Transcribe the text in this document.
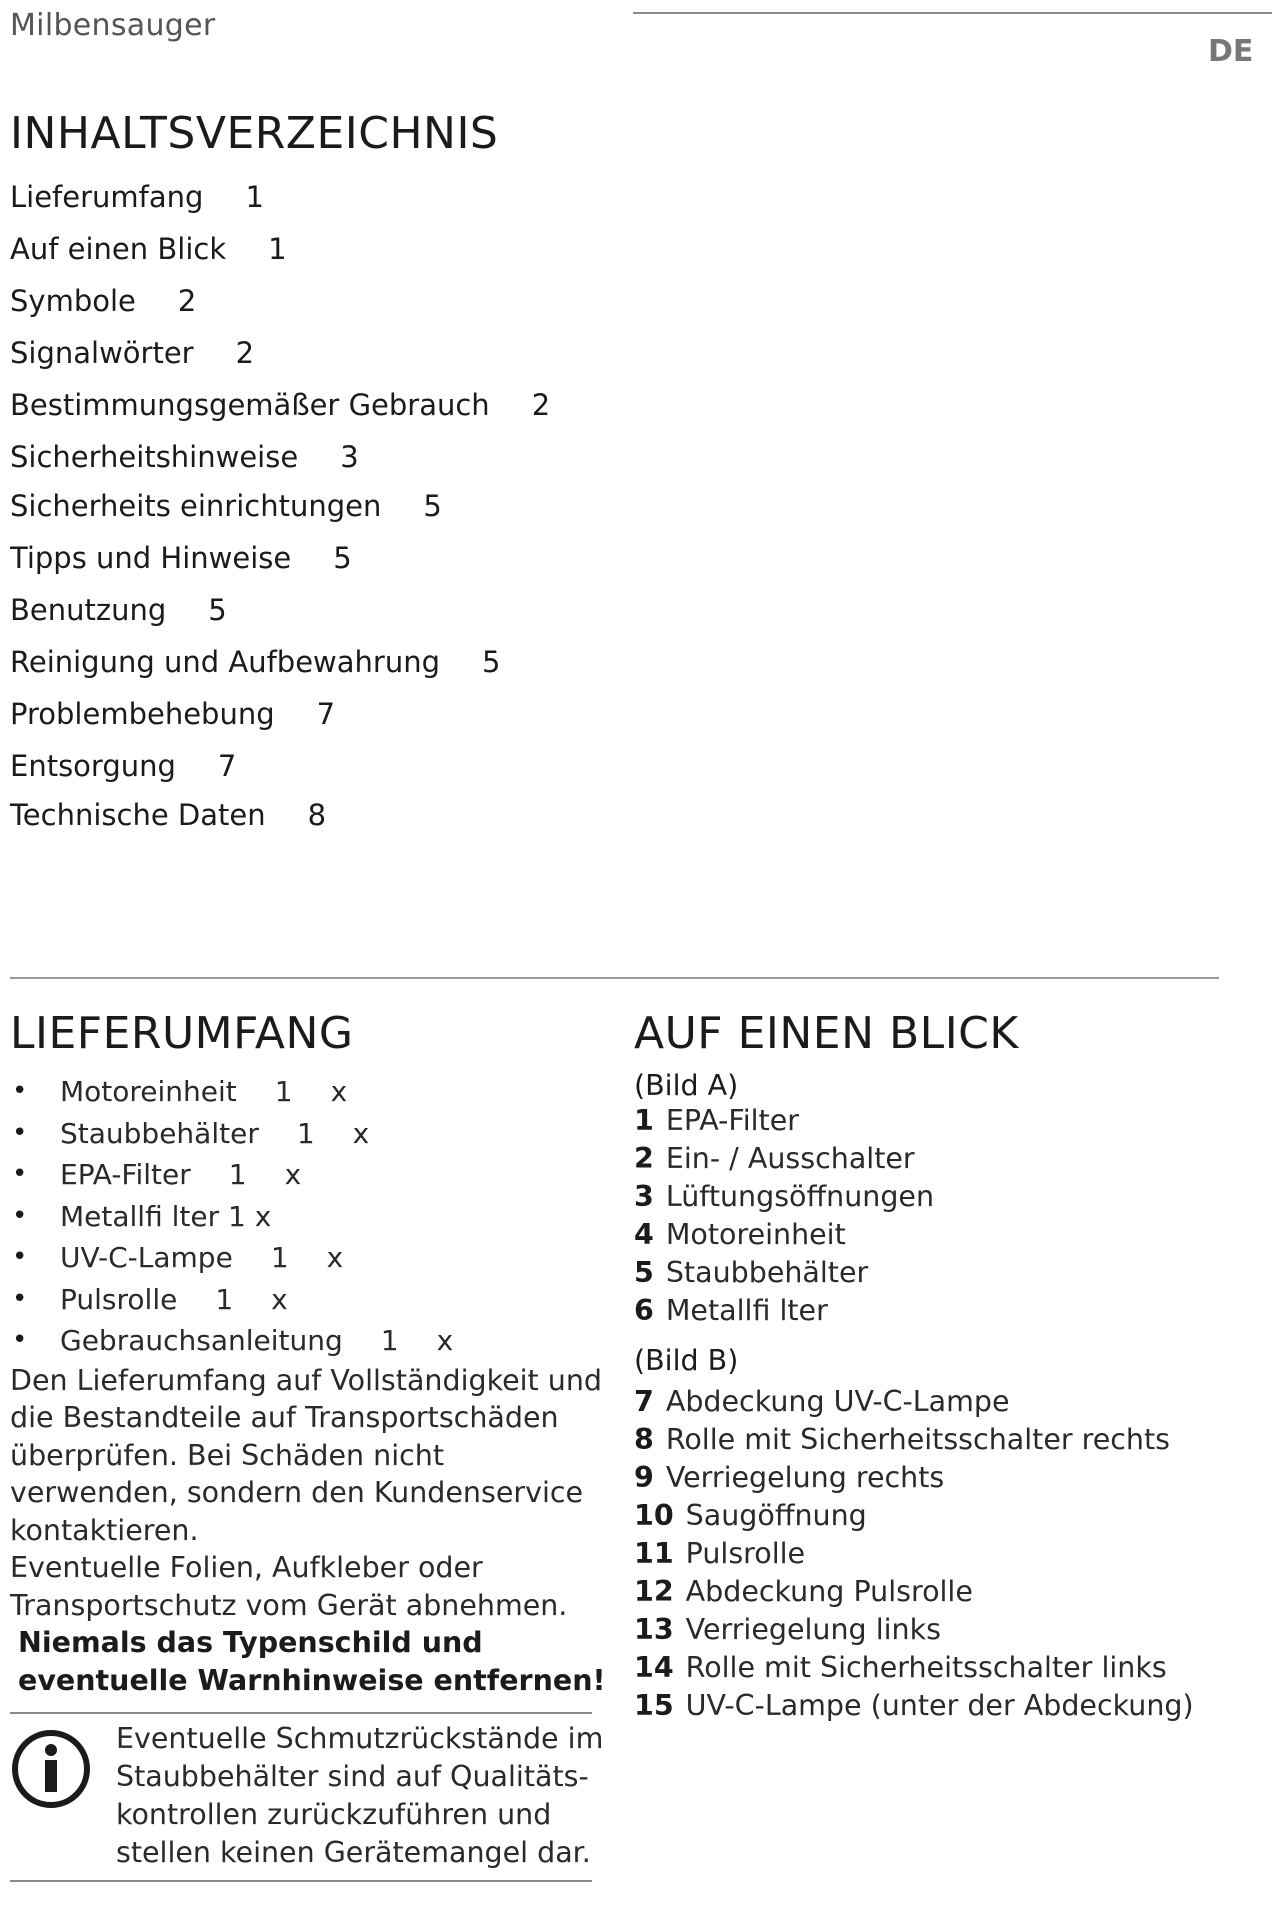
Milbensauger
DE
INHALTSVERZEICHNIS
Lieferumfang 1
Auf einen Blick 1
Symbole 2
Signalwörter 2
Bestimmungsgemäßer Gebrauch 2
Sicherheitshinweise 3
Sicherheits einrichtungen 5
Tipps und Hinweise 5
Benutzung 5
Reinigung und Aufbewahrung 5
Problembehebung 7
Entsorgung 7
Technische Daten 8
LIEFERUMFANG
• Motoreinheit 1 x
• Staubbehälter 1 x
• EPA-Filter 1 x
• Metallfi lter 1 x
• UV-C-Lampe 1 x
• Pulsrolle 1 x
• Gebrauchsanleitung 1 x

Den Lieferumfang auf Vollständigkeit und die Bestandteile auf Transportschäden überprüfen. Bei Schäden nicht verwenden, sondern den Kundenservice kontaktieren.

Eventuelle Folien, Aufkleber oder Transportschutz vom Gerät abnehmen.

Niemals das Typenschild und eventuelle Warnhinweise entfernen!

Eventuelle Schmutzrückstände im Staubbehälter sind auf Qualitätskontrollen zurückzuführen und stellen keinen Gerätemangel dar.
AUF EINEN BLICK

(Bild A)

1 EPA-Filter
2 Ein- / Ausschalter
3 Lüftungsöffnungen
4 Motoreinheit
5 Staubbehälter
6 Metallfi lter

(Bild B)

7 Abdeckung UV-C-Lampe
8 Rolle mit Sicherheitsschalter rechts
9 Verriegelung rechts
10 Saugöffnung
11 Pulsrolle
12 Abdeckung Pulsrolle
13 Verriegelung links
14 Rolle mit Sicherheitsschalter links
15 UV-C-Lampe (unter der Abdeckung)
